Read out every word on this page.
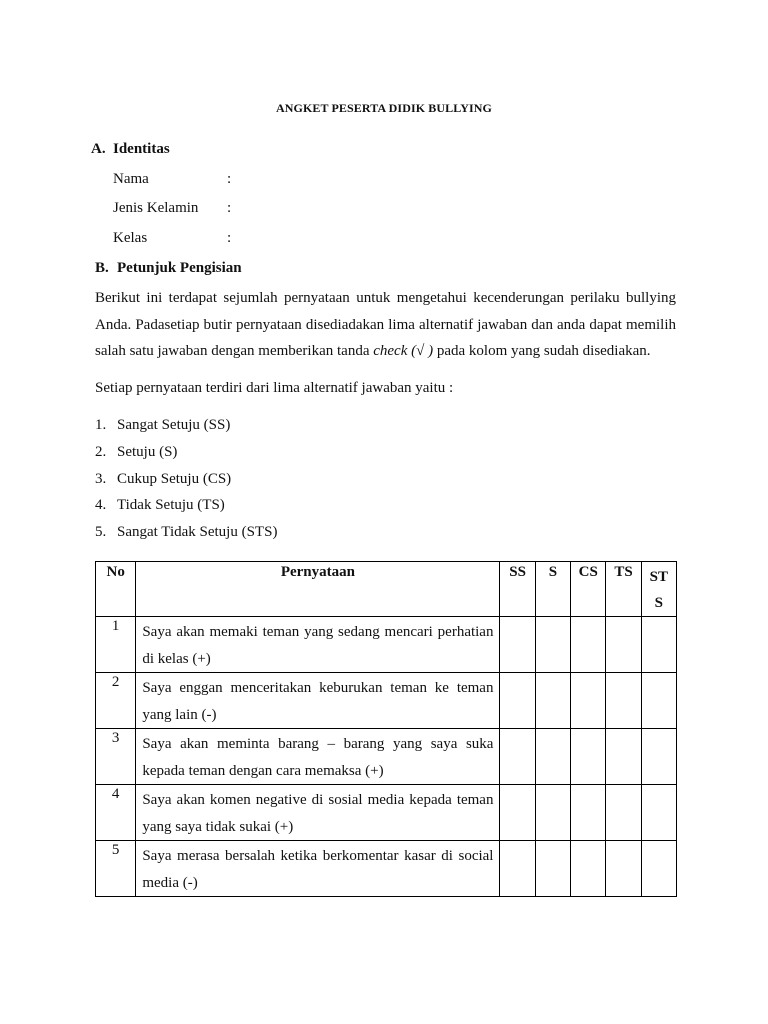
ANGKET PESERTA DIDIK BULLYING
A. Identitas
Nama	:
Jenis Kelamin :
Kelas	:
B. Petunjuk Pengisian
Berikut ini terdapat sejumlah pernyataan untuk mengetahui kecenderungan perilaku bullying
Anda. Padasetiap butir pernyataan disediadakan lima alternatif jawaban dan anda dapat memilih
salah satu jawaban dengan memberikan tanda check (√ ) pada kolom yang sudah disediakan.
Setiap pernyataan terdiri dari lima alternatif jawaban yaitu :
1. Sangat Setuju (SS)
2. Setuju (S)
3. Cukup Setuju (CS)
4. Tidak Setuju (TS)
5. Sangat Tidak Setuju (STS)
No	Pernyataan	SS	S	CS	TS	ST
S
1	Saya akan memaki teman yang sedang mencari perhatian
di kelas (+)					

2	Saya enggan menceritakan keburukan teman ke teman
yang lain (-)					

3	Saya akan meminta barang – barang yang saya suka
kepada teman dengan cara memaksa (+)					

4	Saya akan komen negative di sosial media kepada teman
yang saya tidak sukai (+)					

5	Saya merasa bersalah ketika berkomentar kasar di social
media (-)					
